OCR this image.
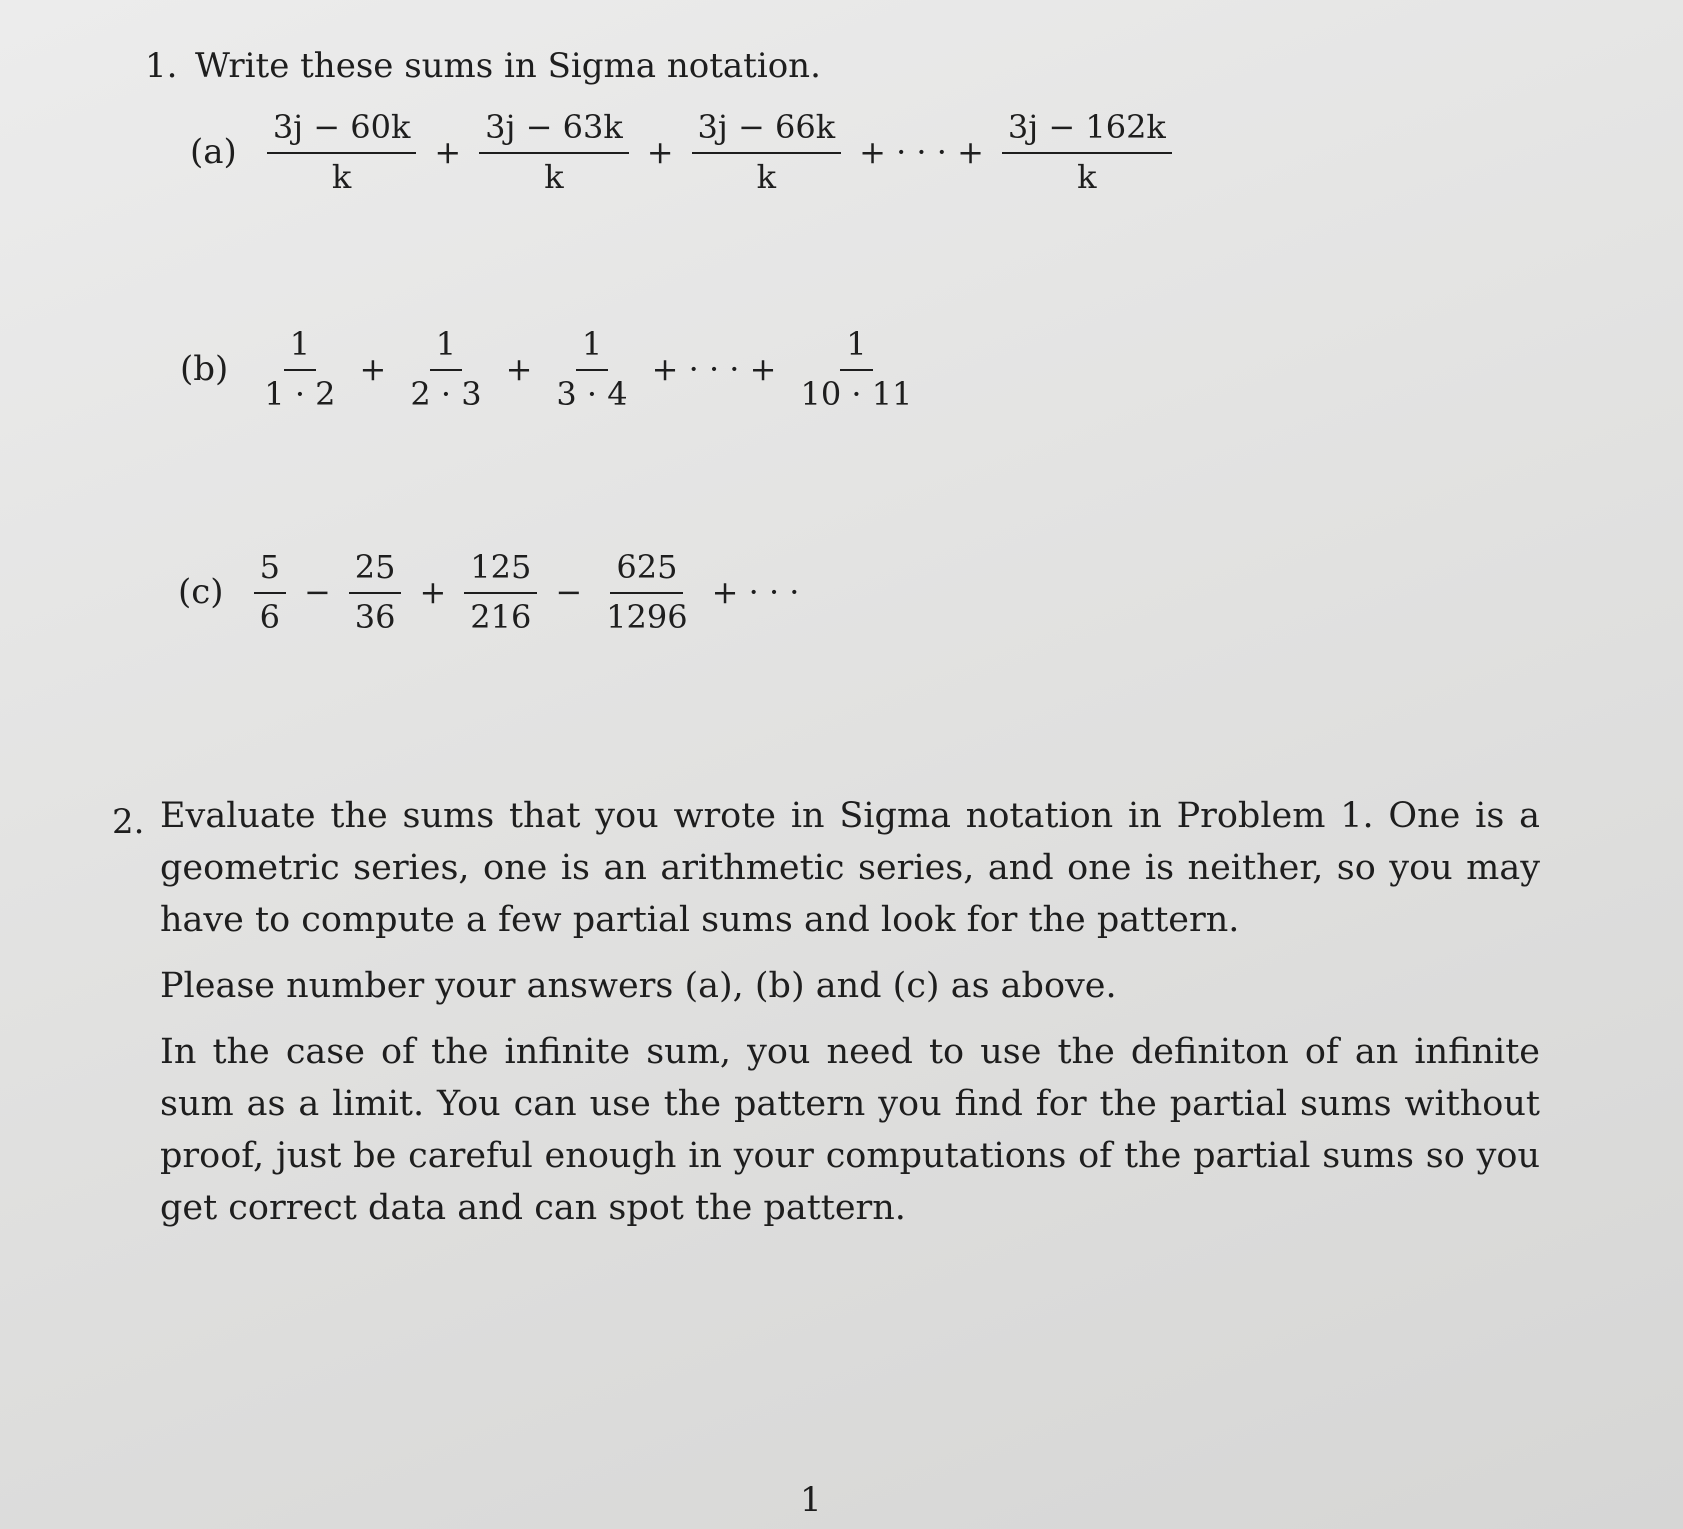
1. Write these sums in Sigma notation.
$(a) \frac{3j - 60k}{k} + \frac{3j - 63k}{k} + \frac{3j - 66k}{k}$ + · · · + $\frac{3j - 162k}{k}$
$(b) \frac{1}{1 \cdot 2} + \frac{1}{2 \cdot 3} + \frac{1}{3 \cdot 4}$ + · · · + $\frac{1}{10 \cdot 11}$
$(c) \frac{5}{6} - \frac{25}{36} + \frac{125}{216} - \frac{625}{1296}$ + · · ·
2. Evaluate the sums that you wrote in Sigma notation in Problem 1. One is a geometric series, one is an arithmetic series, and one is neither, so you may have to compute a few partial sums and look for the pattern.

Please number your answers (a), (b) and (c) as above.

In the case of the infinite sum, you need to use the definiton of an infinite sum as a limit. You can use the pattern you find for the partial sums without proof, just be careful enough in your computations of the partial sums so you get correct data and can spot the pattern.

1
